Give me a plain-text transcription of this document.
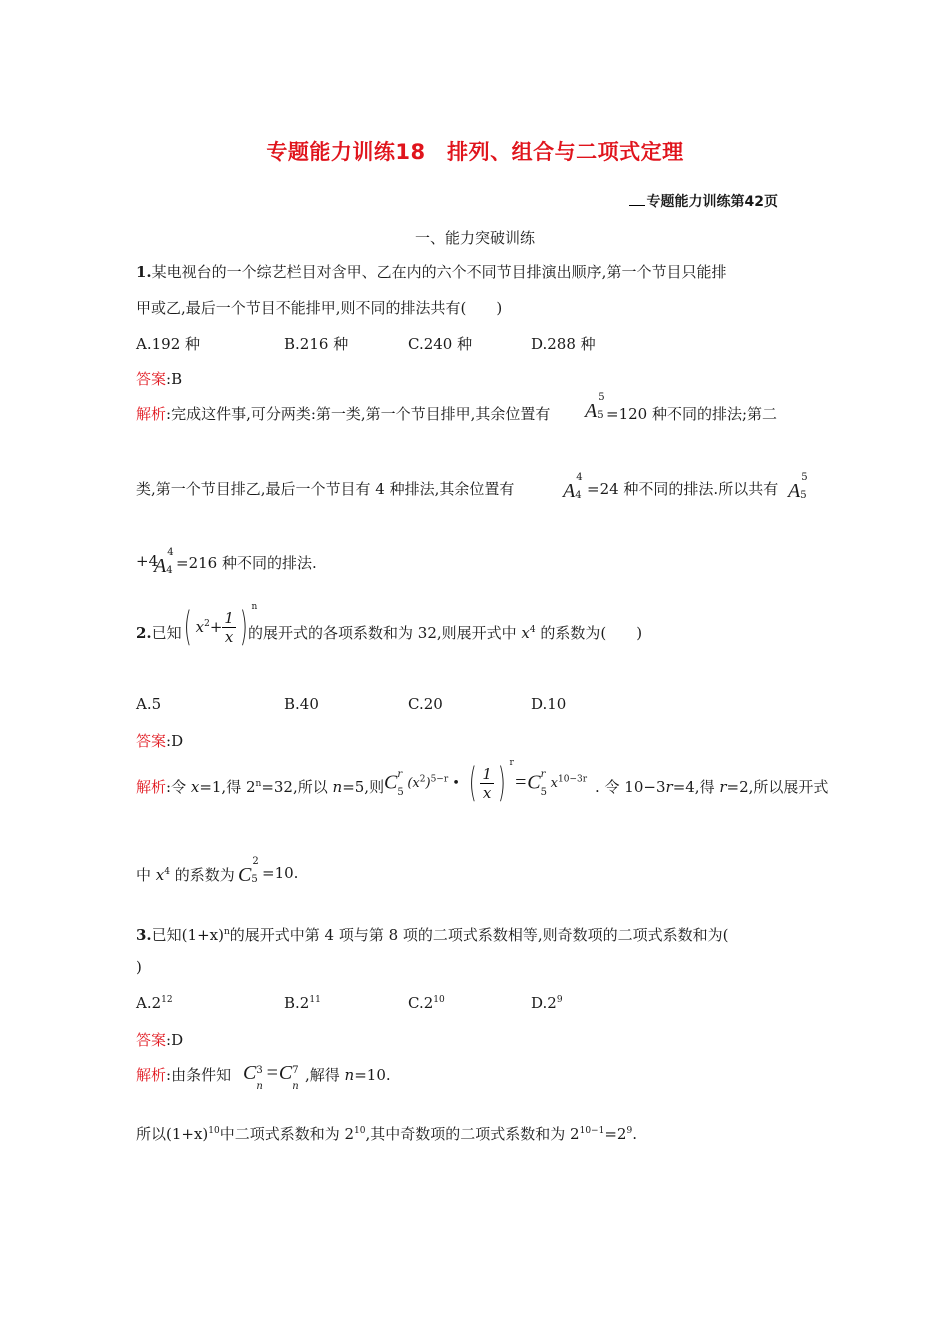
专题能力训练18　排列、组合与二项式定理
专题能力训练第42页
一、能力突破训练
1.某电视台的一个综艺栏目对含甲、乙在内的六个不同节目排演出顺序,第一个节目只能排
甲或乙,最后一个节目不能排甲,则不同的排法共有(　　)
A.192 种	B.216 种	C.240 种	D.288 种
答案:B
解析:完成这件事,可分两类:第一类,第一个节目排甲,其余位置有 A
5
5 =120 种不同的排法;第二
类,第一个节目排乙,最后一个节目有 4 种排法,其余位置有 A
4
4 =24 种不同的排法.所以共有 A
5
5
+4
A
4
4 =216 种不同的排法.
2.已知 ( $x^2+ \frac{1}{x}$ ) $^n$
的展开式的各项系数和为 32,则展开式中 $x^4$ 的系数为(　　)
A.5	B.40	C.20	D.10
答案:D
解析:令 x=1,得 $2^n=32$,所以 n=5,则 C r
5
$(x^2)^{5-r}$ • ( $\frac{1}{x}$ ) $^r$=C r
5
$x^{10-3r}$ . 令 10−3r=4,得 r=2,所以展开式
中 $x^4$ 的系数为 C
2
5 =10.
3.已知$(1+x)^n$的展开式中第 4 项与第 8 项的二项式系数相等,则奇数项的二项式系数和为(
)
$A.2^{12}$	$B.2^{11}$	$C.2^{10}$	$D.2^9$
答案:D
解析:由条件知 C 3
n
=C 7
n
,解得 n=10.
所以$(1+x)^{10}$中二项式系数和为 $2^{10}$,其中奇数项的二项式系数和为 $2^{10-1}=2^9$.
